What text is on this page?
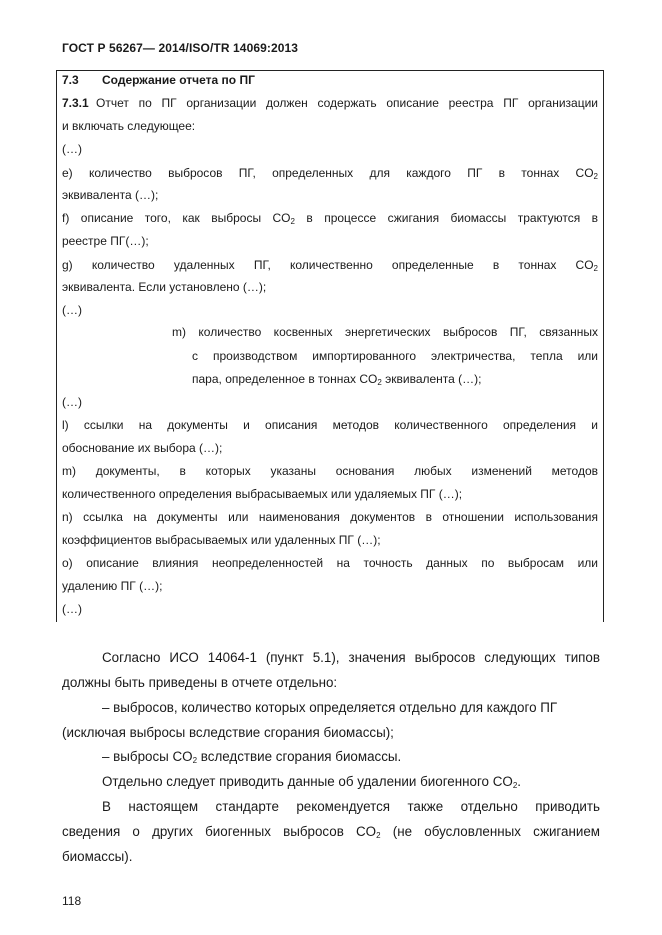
ГОСТ Р 56267— 2014/ISO/TR 14069:2013
7.3 Содержание отчета по ПГ
7.3.1 Отчет по ПГ организации должен содержать описание реестра ПГ организации
и включать следующее:
(…)
е) количество выбросов ПГ, определенных для каждого ПГ в тоннах $CO_2$
эквивалента (…);
f) описание того, как выбросы $CO_2$ в процессе сжигания биомассы трактуются в
реестре ПГ(…);
g) количество удаленных ПГ, количественно определенные в тоннах $CO_2$
эквивалента. Если установлено (…);
(…)
m) количество косвенных энергетических выбросов ПГ, связанных
с производством импортированного электричества, тепла или
пара, определенное в тоннах $CO_2$ эквивалента (…);
(…)
l) ссылки на документы и описания методов количественного определения и
обоснование их выбора (…);
m) документы, в которых указаны основания любых изменений методов
количественного определения выбрасываемых или удаляемых ПГ (…);
n) ссылка на документы или наименования документов в отношении использования
коэффициентов выбрасываемых или удаленных ПГ (…);
о) описание влияния неопределенностей на точность данных по выбросам или
удалению ПГ (…);
(…)
Согласно ИСО 14064-1 (пункт 5.1), значения выбросов следующих типов
должны быть приведены в отчете отдельно:
– выбросов, количество которых определяется отдельно для каждого ПГ
(исключая выбросы вследствие сгорания биомассы);
– выбросы $CO_2$ вследствие сгорания биомассы.
Отдельно следует приводить данные об удалении биогенного $CO_2$.
В настоящем стандарте рекомендуется также отдельно приводить
сведения о других биогенных выбросов $CO_2$ (не обусловленных сжиганием
биомассы).
118
